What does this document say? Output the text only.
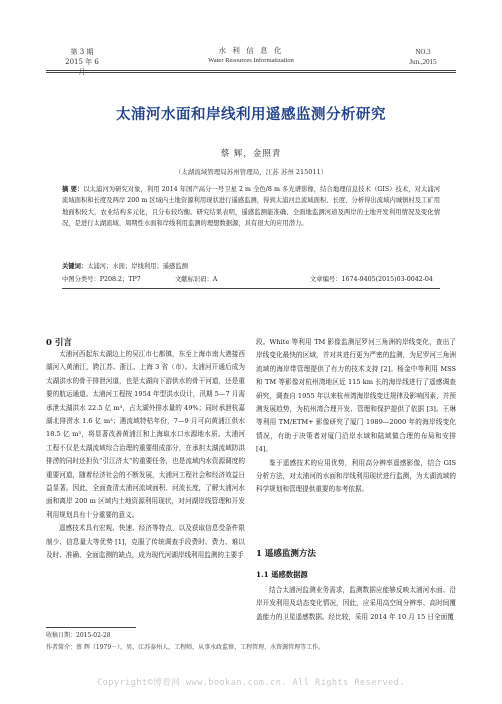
第 3 期
2015 年 6 月
水 利 信 息 化
Water Resources Informatization
NO.3
Jun.,2015
太浦河水面和岸线利用遥感监测分析研究
蔡 辉，金照青
（太湖流域管理局苏州管理局，江苏 苏州 215011）
摘 要：以太浦河为研究对象，利用 2014 年国产高分一号卫星 2 m 全色/8 m 多光谱影像，结合地理信息技术（GIS）技术，对太浦河流域面积和长度及两岸 200 m 区域内土地资源利用现状进行遥感监测，得到太浦河总流域面积、长度、分析得出流域内城镇村及工矿用地面积较大，农业结构多元化，且分布较均衡。研究结果表明，遥感监测能准确、全面地监测河道及两岸的土地开发利用情况及变化情况，是进行太湖流域、周期性水面和岸线利用监测的理想数据源，具有很大的应用潜力。
关键词：太浦河；水面；岸线利用；遥感监测
中图分类号：P208.2；TP7	文献标识码：A	文章编号：1674-9405(2015)03-0042-04
0 引言

太浦河西起东太湖边上的吴江市七都镇，东至上海市南大港接西湖河入黄浦江，跨江苏、浙江、上海 3 省（市）。太浦河开通后成为太湖洪水的骨干排泄河道，也是太湖向下游供水的骨干河道，还是重要的航运通道。太浦河工程按 1954 年型洪水设计，汛期 5—7 月需承泄太湖洪水 22.5 亿 m³，占太湖外排水量的 49%；同时承泄杭嘉湖北排涝水 1.6 亿 m³；遇流域特枯年份，7—9 月可向黄浦江供水 18.5 亿 m³，将显著改善黄浦江和上海取水口水源地水质。太浦河工程不仅是太湖流域综合治理的重要组成部分，在承担太湖流域防洪排涝的同时还担负“引江济太”的重要任务，也是流域内水资源调度的重要河道，随着经济社会的不断发展，太浦河工程社会和经济效益日益显著。因此，全面查清太浦河流域面积、河流长度，了解太浦河水面和离岸 200 m 区域内土地资源利用现状，对河湖岸线管理和开发利用规划具有十分重要的意义。

遥感技术具有宏观、快速、经济等特点，以及获取信息受条件限制少、信息量大等优势 [1]，克服了传统调查手段费时、费力、难以及时、准确、全面监测的缺点，成为现代河湖岸线利用监测的主要手

段。White 等利用 TM 影像监测尼罗河三角洲的岸线变化，查出了岸线变化最快的区域，并对其进行更为严密的监测，为尼罗河三角洲流域的海岸带管理提供了有力的技术支持 [2]。杨金中等利用 MSS 和 TM 等影像对杭州湾地区近 115 km 长的海岸线进行了遥感调查研究，调查自 1955 年以来杭州湾海岸线变迁规律及影响因素，并预测发展趋势，为杭州湾合理开发、管理和保护提供了依据 [3]。王琳等利用 TM/ETM+ 影像研究了厦门 1989—2000 年的海岸线变化情况，有助于决策者对厦门沿岸水域和陆域做合理的布局和安排 [4]。

鉴于遥感技术的应用优势，利用高分辨率遥感影像，结合 GIS 分析方法，对太浦河的水面和岸线利用现状进行监测，为太湖流域的科学规划和管理提供重要的参考依据。

1 遥感监测方法
1.1 遥感数据源

结合太浦河监测业务需求，监测数据应能够反映太浦河水面、沿岸开发利用及动态变化情况，因此，应采用高空间分辨率、高时间覆盖能力的卫星遥感数据。经比较，采用 2014 年 10 月 15 日全面覆

收稿日期：2015-02-28
作者简介：蔡 辉（1979－），男，江苏泰州人，工程师，从事水政监察、工程管理、水资源管理等工作。
Copyright©博看网 www.bookan.com.cn. All Rights Reserved.
